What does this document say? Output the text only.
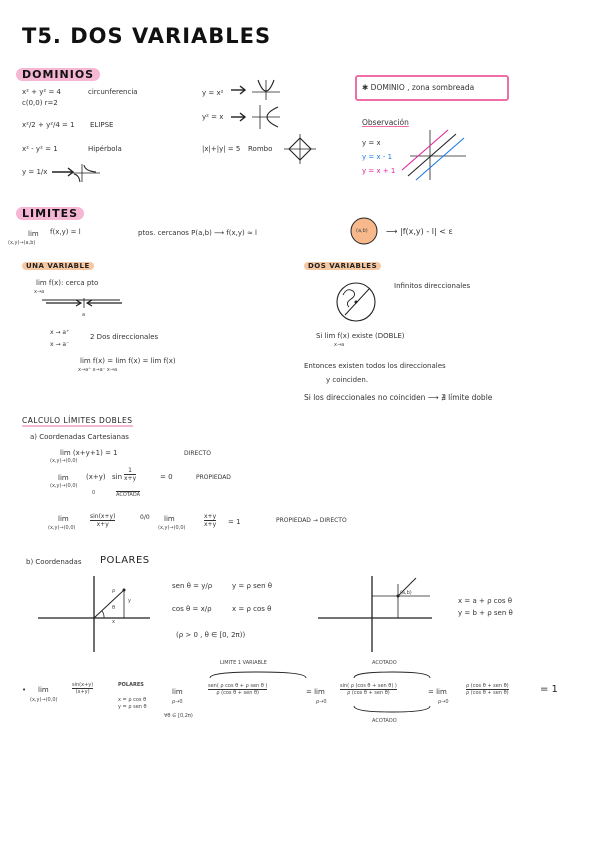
T5. DOS VARIABLES
DOMINIOS
x² + y² = 4
c(0,0) r=2
circunferencia
x²/2 + y²/4 = 1 ELIPSE
x² - y² = 1	Hipérbola
y = 1/x
y = x²
y² = x
|x|+|y| = 5 Rombo
✱ DOMINIO , zona sombreada
Observación
y = x
y = x - 1
y = x + 1
LIMITES
lim f(x,y) = l
(x,y)→(a,b)
ptos. cercanos P(a,b) ⟶ f(x,y) ≈ l	(a,b) ⟶ |f(x,y) - l| < ε
UNA VARIABLE
lim f(x): cerca pto
x→a
a
x → a⁺
x → a⁻
2 Dos direccionales
lim f(x) = lim f(x) = lim f(x)
x→a⁺ x→a⁻ x→a
DOS VARIABLES
Infinitos direccionales
Si lim f(x) existe (DOBLE)
x→a
Entonces existen todos los direccionales
y coinciden.
Si los direccionales no coinciden ⟶ ∄ límite doble
CALCULO LÍMITES DOBLES
a) Coordenadas Cartesianas
lim (x+y+1) = 1
(x,y)→(0,0)
DIRECTO
lim
(x,y)→(0,0)
(x+y) $\sin \frac{1}{x+y}$	= 0
0	ACOTADA
PROPIEDAD
lim
$(x,y)\to(0,0) \frac{\sin(x+y)}{x+y}$	0/0 lim
(x,y)→(0,0)	$\frac{x+y}{x+y} = 1$	PROPIEDAD → DIRECTO
b) Coordenadas POLARES
ρ
θ
y
x
sen θ = y/ρ	y = ρ sen θ
cos θ = x/ρ	x = ρ cos θ
(ρ > 0 , θ ∈ [0, 2π))
(a,b)
x = a + ρ cos θ
y = b + ρ sen θ
• lim
(x,y)→(0,0)
$\frac{\sin(x+y)}{(x+y)}$	POLARES
x = ρ cos θ
y = ρ sen θ
lim
ρ→0
∀θ ∈ [0,2π)
LIMITE 1 VARIABLE
$\frac{\text{sen( ρ cos θ + ρ sen θ )}}{\text{ρ (cos θ + sen θ)}}$	= lim
ρ→0
ACOTADO
$\frac{\text{sin( ρ (cos θ + sen θ) )}}{\text{ρ (cos θ + sen θ)}}$
ACOTADO
= lim
ρ→0
$\frac{\text{ρ (cos θ + sen θ)}}{\text{ρ (cos θ + sen θ)}}$	= 1
